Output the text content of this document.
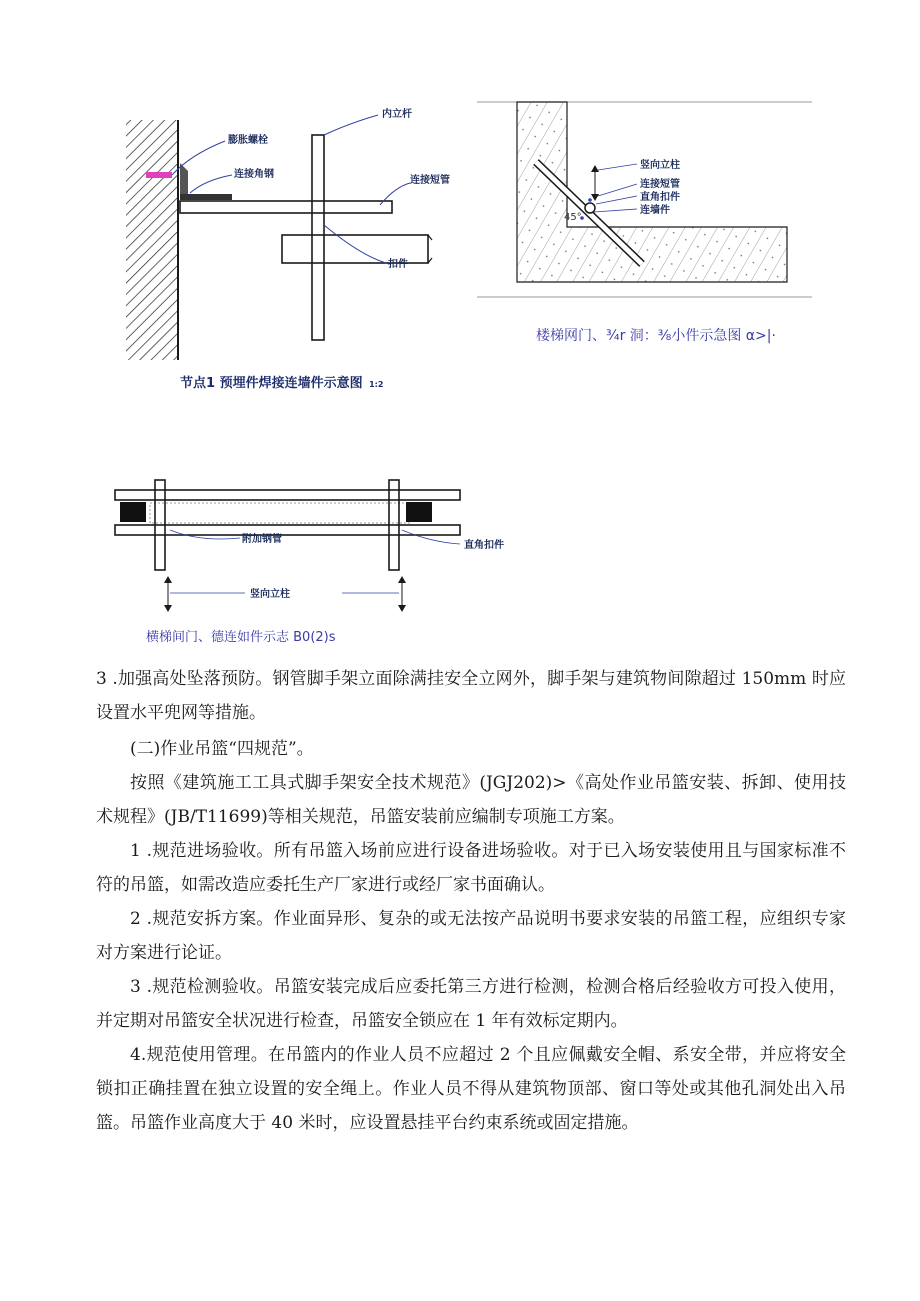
膨胀螺栓
连接角钢
内立杆
连接短管
扣件
节点1 预埋件焊接连墙件示意图 1:2
45°
竖向立柱
连接短管
直角扣件
连墙件
楼梯网门、¾r 洞：⅜小件示急图 α>|·
附加钢管
直角扣件
竖向立柱
横梯间门、德连如件示志 B0(2)s

3 .加强高处坠落预防。钢管脚手架立面除满挂安全立网外，脚手架与建筑物间隙超过 150mm 时应设置水平兜网等措施。

(二)作业吊篮“四规范”。

按照《建筑施工工具式脚手架安全技术规范》(JGJ202)>《高处作业吊篮安装、拆卸、使用技术规程》(JB/T11699)等相关规范，吊篮安装前应编制专项施工方案。

1 .规范进场验收。所有吊篮入场前应进行设备进场验收。对于已入场安装使用且与国家标准不符的吊篮，如需改造应委托生产厂家进行或经厂家书面确认。

2 .规范安拆方案。作业面异形、复杂的或无法按产品说明书要求安装的吊篮工程，应组织专家对方案进行论证。

3 .规范检测验收。吊篮安装完成后应委托第三方进行检测，检测合格后经验收方可投入使用，并定期对吊篮安全状况进行检查，吊篮安全锁应在 1 年有效标定期内。

4.规范使用管理。在吊篮内的作业人员不应超过 2 个且应佩戴安全帽、系安全带，并应将安全锁扣正确挂置在独立设置的安全绳上。作业人员不得从建筑物顶部、窗口等处或其他孔洞处出入吊篮。吊篮作业高度大于 40 米时，应设置悬挂平台约束系统或固定措施。
